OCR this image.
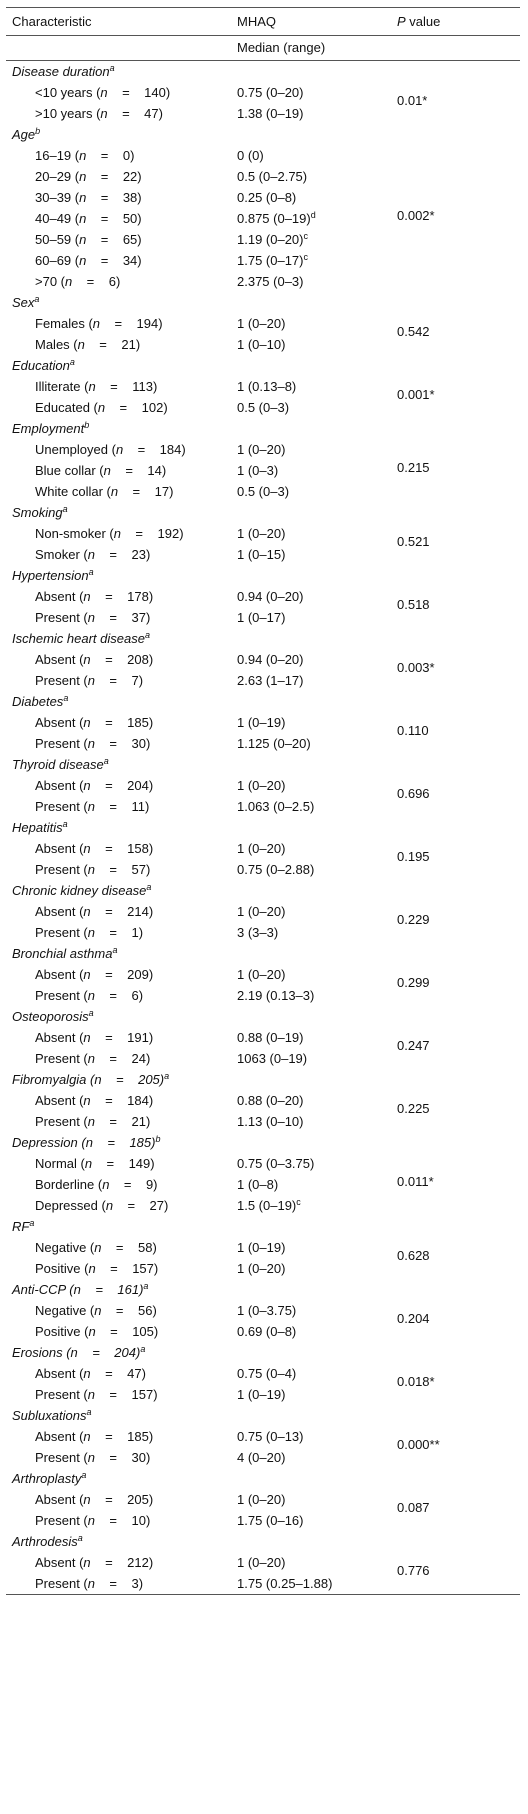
Characteristic	MHAQ	P value
	Median (range)	
Disease duration$^a$		0.01*
<10 years (n    =    140)	0.75 (0–20)	
>10 years (n    =    47)	1.38 (0–19)	
Age$^b$		0.002*
16–19 (n    =    0)	0 (0)	
20–29 (n    =    22)	0.5 (0–2.75)	
30–39 (n    =    38)	0.25 (0–8)	
40–49 (n    =    50)	0.875 $(0-19)^d$
50–59 (n    =    65)	1.19 $(0-20)^c$
60–69 (n    =    34)	1.75 $(0-17)^c$
>70 (n    =    6)	2.375 (0–3)	
Sex$^a$		0.542
Females (n    =    194)	1 (0–20)	
Males (n    =    21)	1 (0–10)	
Education$^a$		0.001*
Illiterate (n    =    113)	1 (0.13–8)	
Educated (n    =    102)	0.5 (0–3)	
Employment$^b$		0.215
Unemployed (n    =    184)	1 (0–20)	
Blue collar (n    =    14)	1 (0–3)	
White collar (n    =    17)	0.5 (0–3)	
Smoking$^a$		0.521
Non-smoker (n    =    192)	1 (0–20)	
Smoker (n    =    23)	1 (0–15)	
Hypertension$^a$		0.518
Absent (n    =    178)	0.94 (0–20)	
Present (n    =    37)	1 (0–17)	
Ischemic heart disease$^a$		0.003*
Absent (n    =    208)	0.94 (0–20)	
Present (n    =    7)	2.63 (1–17)	
Diabetes$^a$		0.110
Absent (n    =    185)	1 (0–19)	
Present (n    =    30)	1.125 (0–20)	
Thyroid disease$^a$		0.696
Absent (n    =    204)	1 (0–20)	
Present (n    =    11)	1.063 (0–2.5)	
Hepatitis$^a$		0.195
Absent (n    =    158)	1 (0–20)	
Present (n    =    57)	0.75 (0–2.88)	
Chronic kidney disease$^a$		0.229
Absent (n    =    214)	1 (0–20)	
Present (n    =    1)	3 (3–3)	
Bronchial asthma$^a$		0.299
Absent (n    =    209)	1 (0–20)	
Present (n    =    6)	2.19 (0.13–3)	
Osteoporosis$^a$		0.247
Absent (n    =    191)	0.88 (0–19)	
Present (n    =    24)	1063 (0–19)	
Fibromyalgia (n    =    205)$^a$		0.225
Absent (n    =    184)	0.88 (0–20)	
Present (n    =    21)	1.13 (0–10)	
Depression (n    =    185)$^b$		0.011*
Normal (n    =    149)	0.75 (0–3.75)	
Borderline (n    =    9)	1 (0–8)	
Depressed (n    =    27)	1.5 $(0-19)^c$
$RF^a$		0.628
Negative (n    =    58)	1 (0–19)	
Positive (n    =    157)	1 (0–20)	
Anti-CCP (n    =    161)$^a$		0.204
Negative (n    =    56)	1 (0–3.75)	
Positive (n    =    105)	0.69 (0–8)	
Erosions (n    =    204)$^a$		0.018*
Absent (n    =    47)	0.75 (0–4)	
Present (n    =    157)	1 (0–19)	
Subluxations$^a$		0.000**
Absent (n    =    185)	0.75 (0–13)	
Present (n    =    30)	4 (0–20)	
Arthroplasty$^a$		0.087
Absent (n    =    205)	1 (0–20)	
Present (n    =    10)	1.75 (0–16)	
Arthrodesis$^a$		0.776
Absent (n    =    212)	1 (0–20)	
Present (n    =    3)	1.75 (0.25–1.88)	
